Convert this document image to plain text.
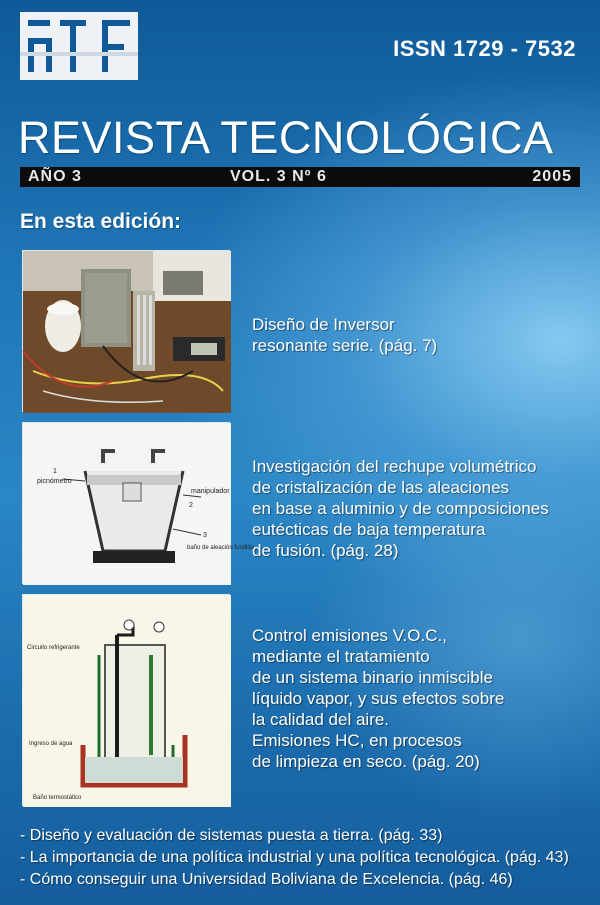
ISSN 1729 - 7532
REVISTA TECNOLÓGICA
AÑO 3	VOL. 3 Nº 6	2005
En esta edición:
1
picnómetro
manipulador
2
3
baño de aleación fundida
Circuito refrigerante
Ingreso de agua
Baño termostático
Diseño de Inversor
resonante serie. (pág. 7)
Investigación del rechupe volumétrico
de cristalización de las aleaciones
en base a aluminio y de composiciones
eutécticas de baja temperatura
de fusión. (pág. 28)
Control emisiones V.O.C.,
mediante el tratamiento
de un sistema binario inmiscible
líquido vapor, y sus efectos sobre
la calidad del aire.
Emisiones HC, en procesos
de limpieza en seco. (pág. 20)
- Diseño y evaluación de sistemas puesta a tierra. (pág. 33)
- La importancia de una política industrial y una política tecnológica. (pág. 43)
- Cómo conseguir una Universidad Boliviana de Excelencia. (pág. 46)
